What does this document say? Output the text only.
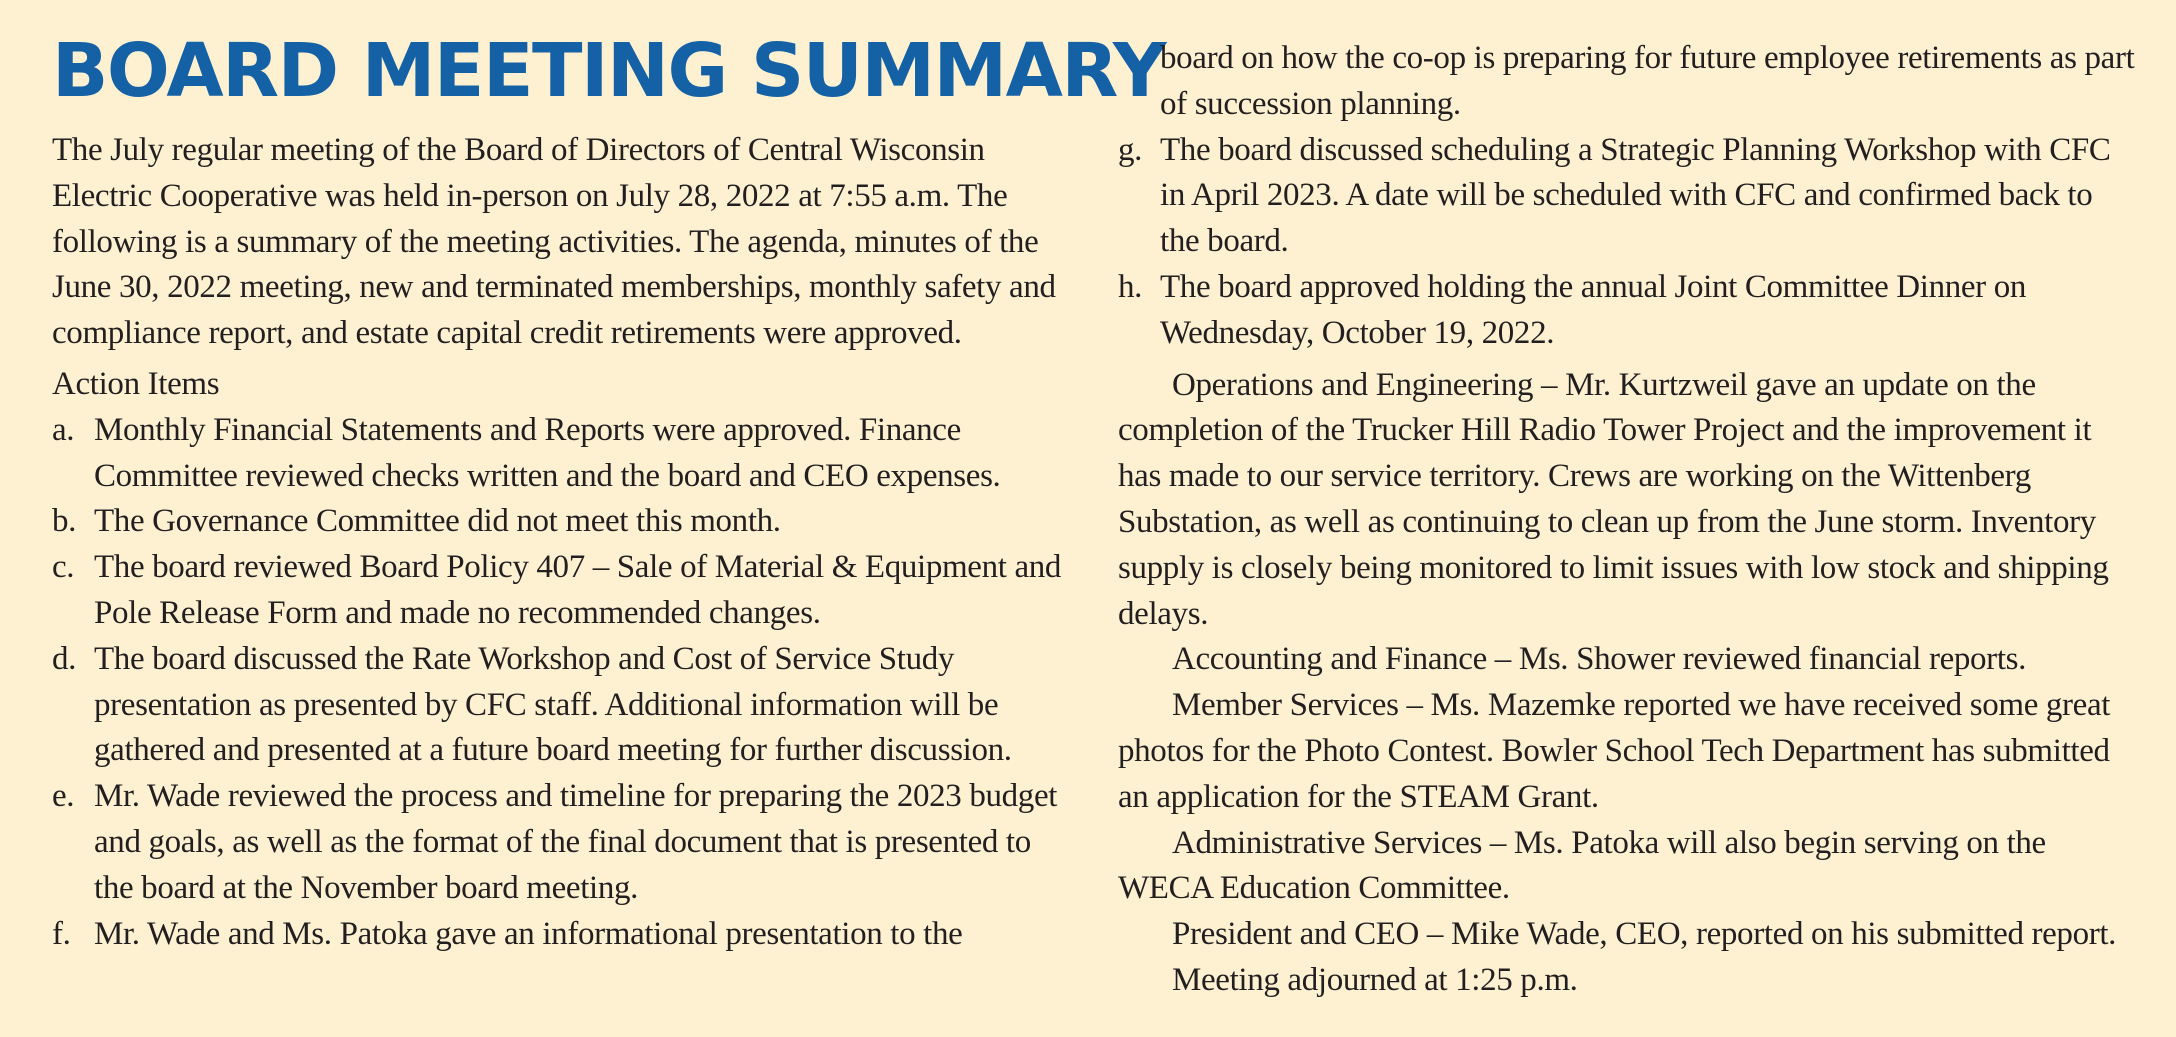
BOARD MEETING SUMMARY

The July regular meeting of the Board of Directors of Central Wisconsin Electric Cooperative was held in-person on July 28, 2022 at 7:55 a.m. The following is a summary of the meeting activities. The agenda, minutes of the June 30, 2022 meeting, new and terminated memberships, monthly safety and compliance report, and estate capital credit retirements were approved.

Action Items

a. Monthly Financial Statements and Reports were approved. Finance Committee reviewed checks written and the board and CEO expenses.
b. The Governance Committee did not meet this month.
c. The board reviewed Board Policy 407 – Sale of Material & Equipment and Pole Release Form and made no recommended changes.
d. The board discussed the Rate Workshop and Cost of Service Study presentation as presented by CFC staff. Additional information will be gathered and presented at a future board meeting for further discussion.
e. Mr. Wade reviewed the process and timeline for preparing the 2023 budget and goals, as well as the format of the final document that is presented to the board at the November board meeting.
f. Mr. Wade and Ms. Patoka gave an informational presentation to the

board on how the co-op is preparing for future employee retirements as part of succession planning.

g. The board discussed scheduling a Strategic Planning Workshop with CFC in April 2023. A date will be scheduled with CFC and confirmed back to the board.
h. The board approved holding the annual Joint Committee Dinner on Wednesday, October 19, 2022.

Operations and Engineering – Mr. Kurtzweil gave an update on the completion of the Trucker Hill Radio Tower Project and the improvement it has made to our service territory. Crews are working on the Wittenberg Substation, as well as continuing to clean up from the June storm. Inventory supply is closely being monitored to limit issues with low stock and shipping delays.

Accounting and Finance – Ms. Shower reviewed financial reports.

Member Services – Ms. Mazemke reported we have received some great photos for the Photo Contest. Bowler School Tech Department has submitted an application for the STEAM Grant.

Administrative Services – Ms. Patoka will also begin serving on the WECA Education Committee.

President and CEO – Mike Wade, CEO, reported on his submitted report.

Meeting adjourned at 1:25 p.m.
